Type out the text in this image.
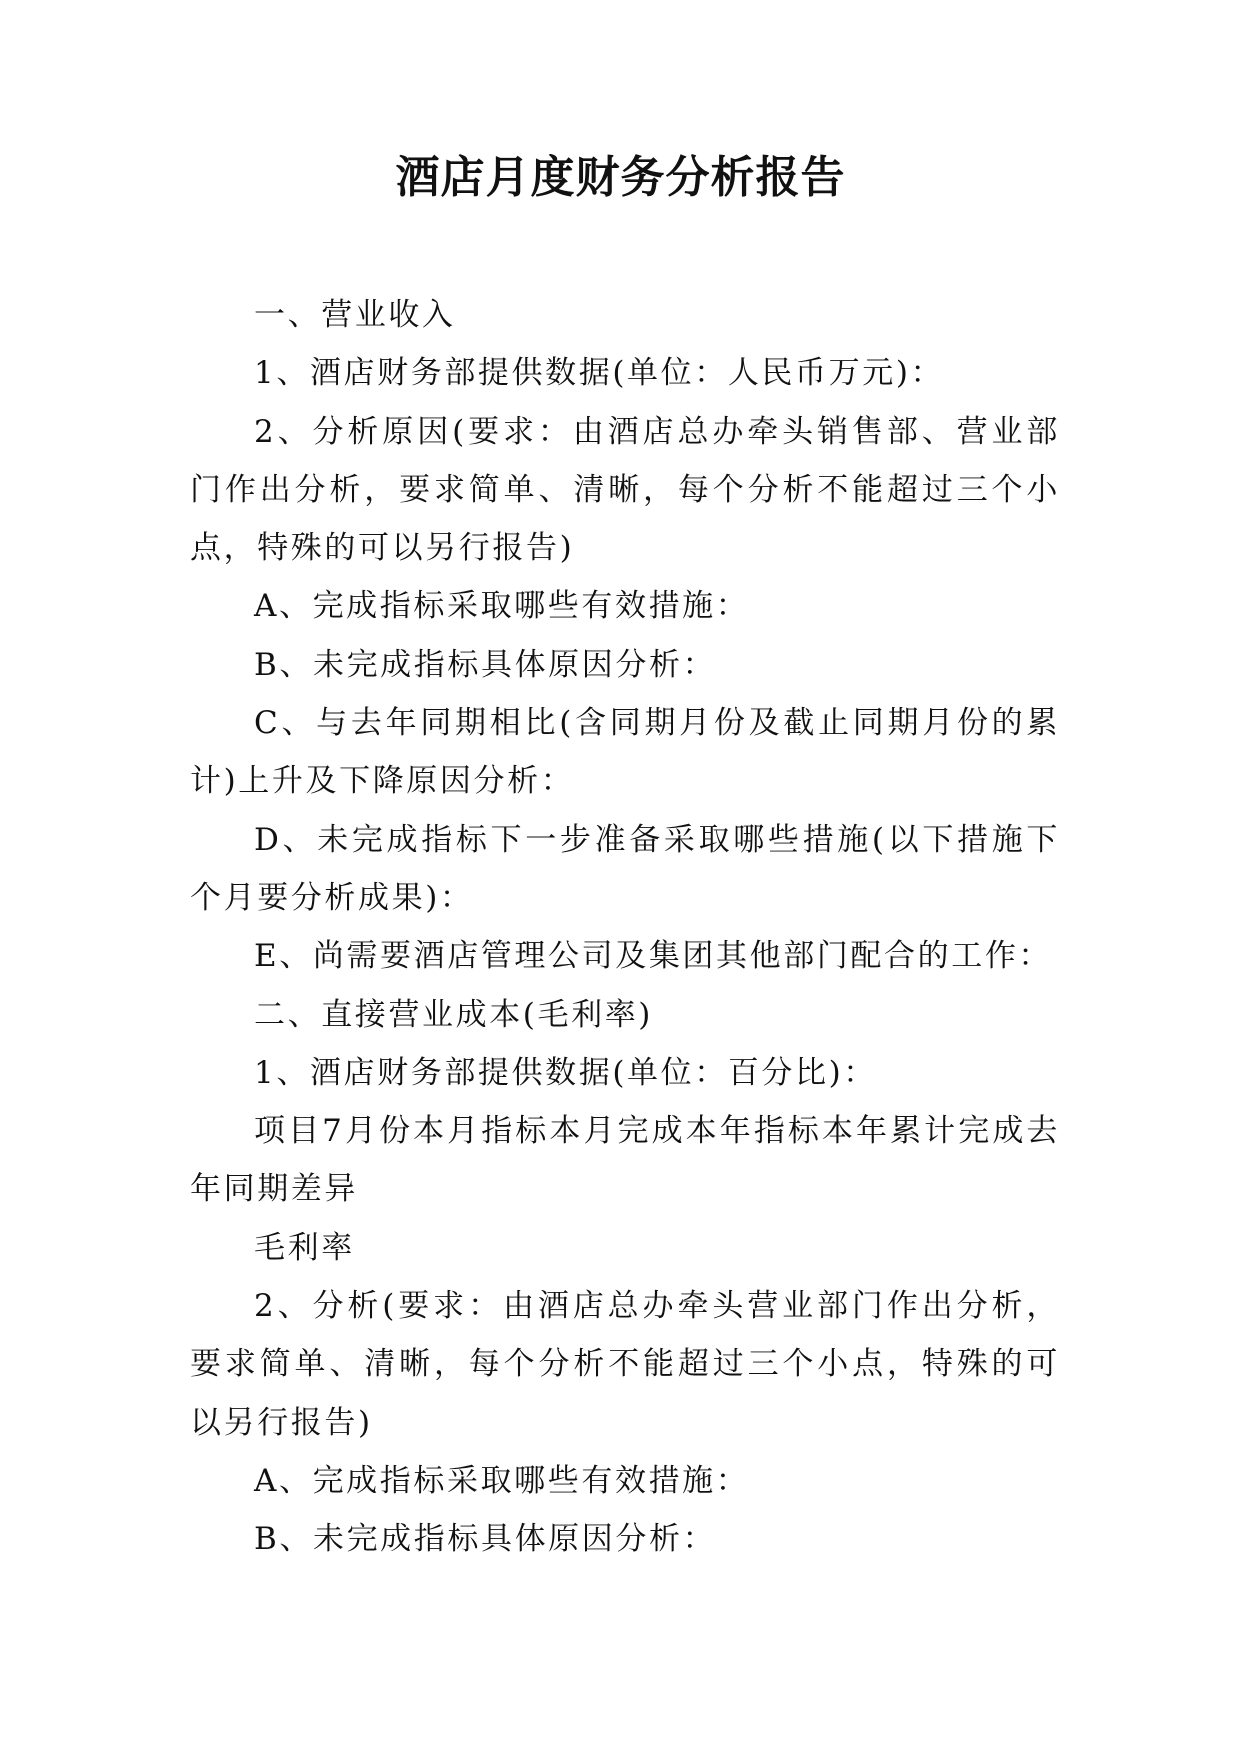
酒店月度财务分析报告

一、营业收入

1、酒店财务部提供数据(单位：人民币万元)：

2、分析原因(要求：由酒店总办牵头销售部、营业部门作出分析，要求简单、清晰，每个分析不能超过三个小点，特殊的可以另行报告)

A、完成指标采取哪些有效措施：

B、未完成指标具体原因分析：

C、与去年同期相比(含同期月份及截止同期月份的累计)上升及下降原因分析：

D、未完成指标下一步准备采取哪些措施(以下措施下个月要分析成果)：

E、尚需要酒店管理公司及集团其他部门配合的工作：

二、直接营业成本(毛利率)

1、酒店财务部提供数据(单位：百分比)：

项目7月份本月指标本月完成本年指标本年累计完成去年同期差异

毛利率

2、分析(要求：由酒店总办牵头营业部门作出分析，要求简单、清晰，每个分析不能超过三个小点，特殊的可以另行报告)

A、完成指标采取哪些有效措施：

B、未完成指标具体原因分析：
